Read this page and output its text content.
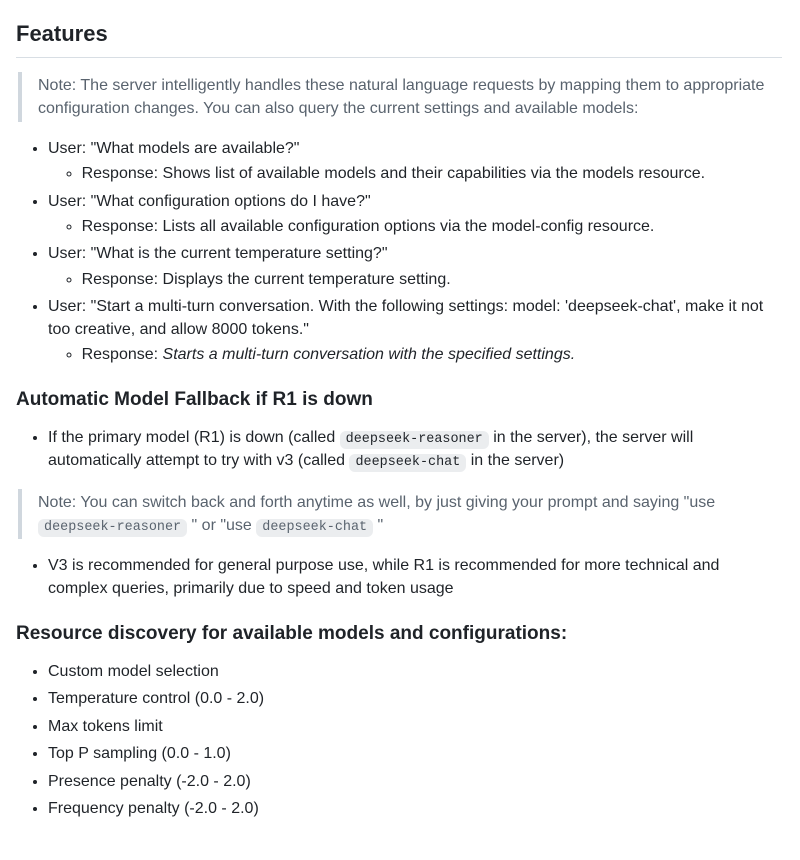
Features

Note: The server intelligently handles these natural language requests by mapping them to appropriate configuration changes. You can also query the current settings and available models:

• User: "What models are available?"
◦ Response: Shows list of available models and their capabilities via the models resource.
• User: "What configuration options do I have?"
◦ Response: Lists all available configuration options via the model-config resource.
• User: "What is the current temperature setting?"
◦ Response: Displays the current temperature setting.
• User: "Start a multi-turn conversation. With the following settings: model: 'deepseek-chat', make it not too creative, and allow 8000 tokens."
◦ Response: Starts a multi-turn conversation with the specified settings.
Automatic Model Fallback if R1 is down
• If the primary model (R1) is down (called deepseek-reasoner in the server), the server will automatically attempt to try with v3 (called deepseek-chat in the server)

Note: You can switch back and forth anytime as well, by just giving your prompt and saying "use deepseek-reasoner " or "use deepseek-chat "

• V3 is recommended for general purpose use, while R1 is recommended for more technical and complex queries, primarily due to speed and token usage
Resource discovery for available models and configurations:
• Custom model selection
• Temperature control (0.0 - 2.0)
• Max tokens limit
• Top P sampling (0.0 - 1.0)
• Presence penalty (-2.0 - 2.0)
• Frequency penalty (-2.0 - 2.0)
